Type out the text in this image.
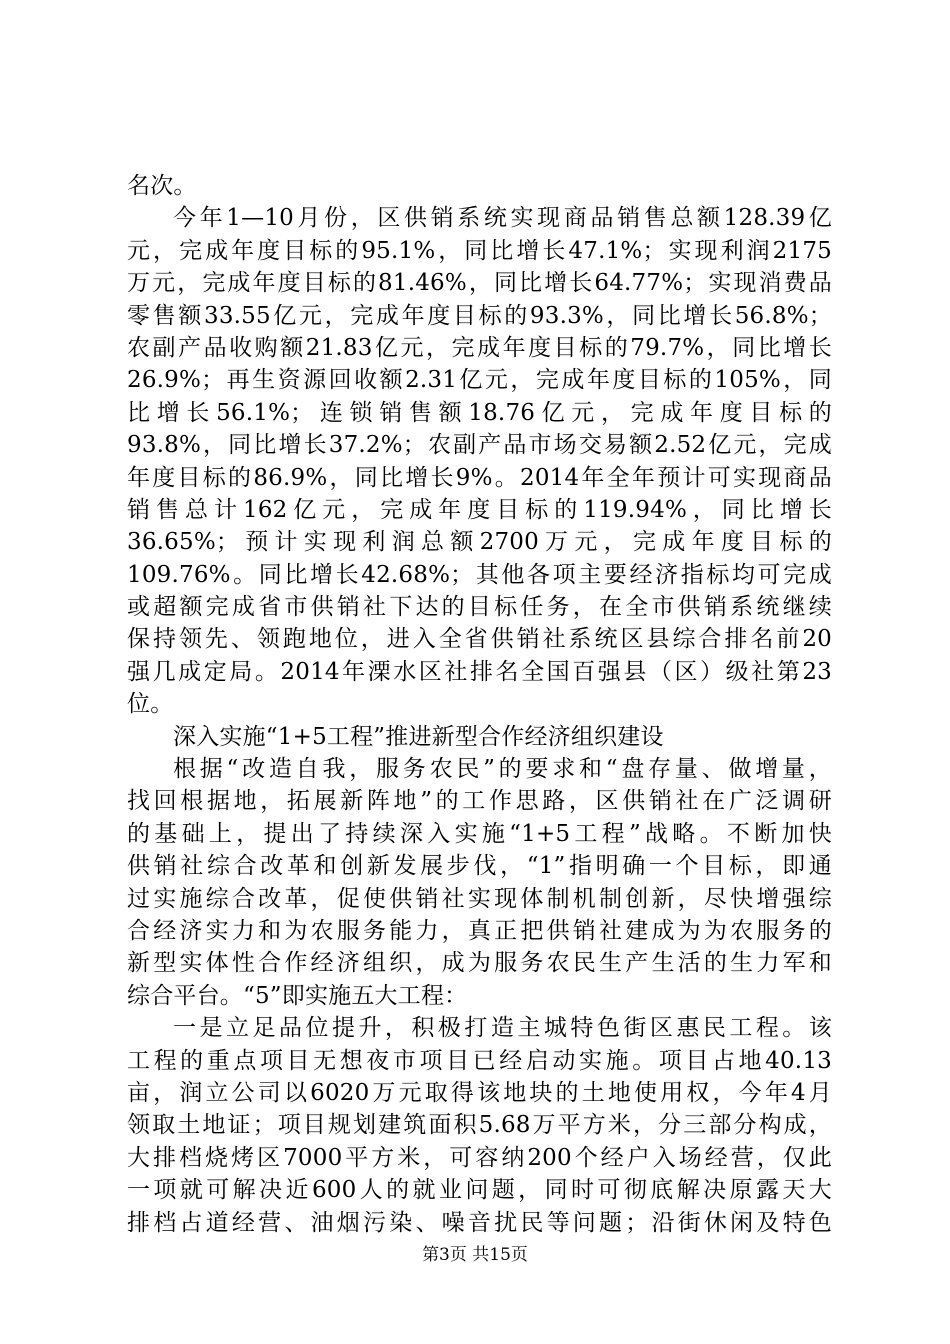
名次。
今年1—10月份，区供销系统实现商品销售总额128.39亿
元，完成年度目标的95.1%，同比增长47.1%；实现利润2175
万元，完成年度目标的81.46%，同比增长64.77%；实现消费品
零售额33.55亿元，完成年度目标的93.3%，同比增长56.8%；
农副产品收购额21.83亿元，完成年度目标的79.7%，同比增长
26.9%；再生资源回收额2.31亿元，完成年度目标的105%，同
比增长56.1%；连锁销售额18.76亿元，完成年度目标的
93.8%，同比增长37.2%；农副产品市场交易额2.52亿元，完成
年度目标的86.9%，同比增长9%。2014年全年预计可实现商品
销售总计162亿元，完成年度目标的119.94%，同比增长
36.65%；预计实现利润总额2700万元，完成年度目标的
109.76%。同比增长42.68%；其他各项主要经济指标均可完成
或超额完成省市供销社下达的目标任务，在全市供销系统继续
保持领先、领跑地位，进入全省供销社系统区县综合排名前20
强几成定局。2014年溧水区社排名全国百强县（区）级社第23
位。
深入实施“1+5工程”推进新型合作经济组织建设
根据“改造自我，服务农民”的要求和“盘存量、做增量，
找回根据地，拓展新阵地”的工作思路，区供销社在广泛调研
的基础上，提出了持续深入实施“1+5工程”战略。不断加快
供销社综合改革和创新发展步伐，“1”指明确一个目标，即通
过实施综合改革，促使供销社实现体制机制创新，尽快增强综
合经济实力和为农服务能力，真正把供销社建成为为农服务的
新型实体性合作经济组织，成为服务农民生产生活的生力军和
综合平台。“5”即实施五大工程：
一是立足品位提升，积极打造主城特色街区惠民工程。该
工程的重点项目无想夜市项目已经启动实施。项目占地40.13
亩，润立公司以6020万元取得该地块的土地使用权，今年4月
领取土地证；项目规划建筑面积5.68万平方米，分三部分构成，
大排档烧烤区7000平方米，可容纳200个经户入场经营，仅此
一项就可解决近600人的就业问题，同时可彻底解决原露天大
排档占道经营、油烟污染、噪音扰民等问题；沿街休闲及特色
第3页 共15页
